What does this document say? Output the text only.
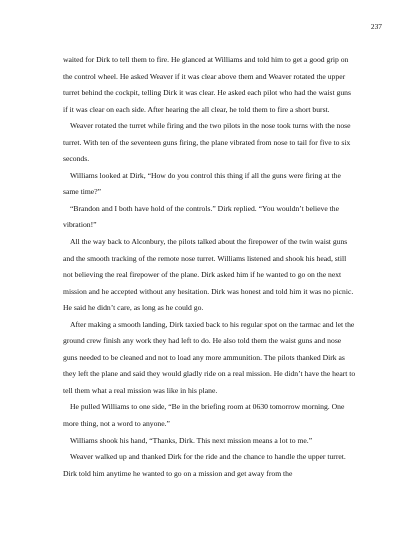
237

waited for Dirk to tell them to fire. He glanced at Williams and told him to get a good grip on the control wheel. He asked Weaver if it was clear above them and Weaver rotated the upper turret behind the cockpit, telling Dirk it was clear. He asked each pilot who had the waist guns if it was clear on each side. After hearing the all clear, he told them to fire a short burst.

Weaver rotated the turret while firing and the two pilots in the nose took turns with the nose turret. With ten of the seventeen guns firing, the plane vibrated from nose to tail for five to six seconds.

Williams looked at Dirk, “How do you control this thing if all the guns were firing at the same time?”

“Brandon and I both have hold of the controls.” Dirk replied. “You wouldn’t believe the vibration!”

All the way back to Alconbury, the pilots talked about the firepower of the twin waist guns and the smooth tracking of the remote nose turret. Williams listened and shook his head, still not believing the real firepower of the plane. Dirk asked him if he wanted to go on the next mission and he accepted without any hesitation. Dirk was honest and told him it was no picnic. He said he didn’t care, as long as he could go.

After making a smooth landing, Dirk taxied back to his regular spot on the tarmac and let the ground crew finish any work they had left to do. He also told them the waist guns and nose guns needed to be cleaned and not to load any more ammunition. The pilots thanked Dirk as they left the plane and said they would gladly ride on a real mission. He didn’t have the heart to tell them what a real mission was like in his plane.

He pulled Williams to one side, “Be in the briefing room at 0630 tomorrow morning. One more thing, not a word to anyone.”

Williams shook his hand, “Thanks, Dirk. This next mission means a lot to me.”

Weaver walked up and thanked Dirk for the ride and the chance to handle the upper turret. Dirk told him anytime he wanted to go on a mission and get away from the
